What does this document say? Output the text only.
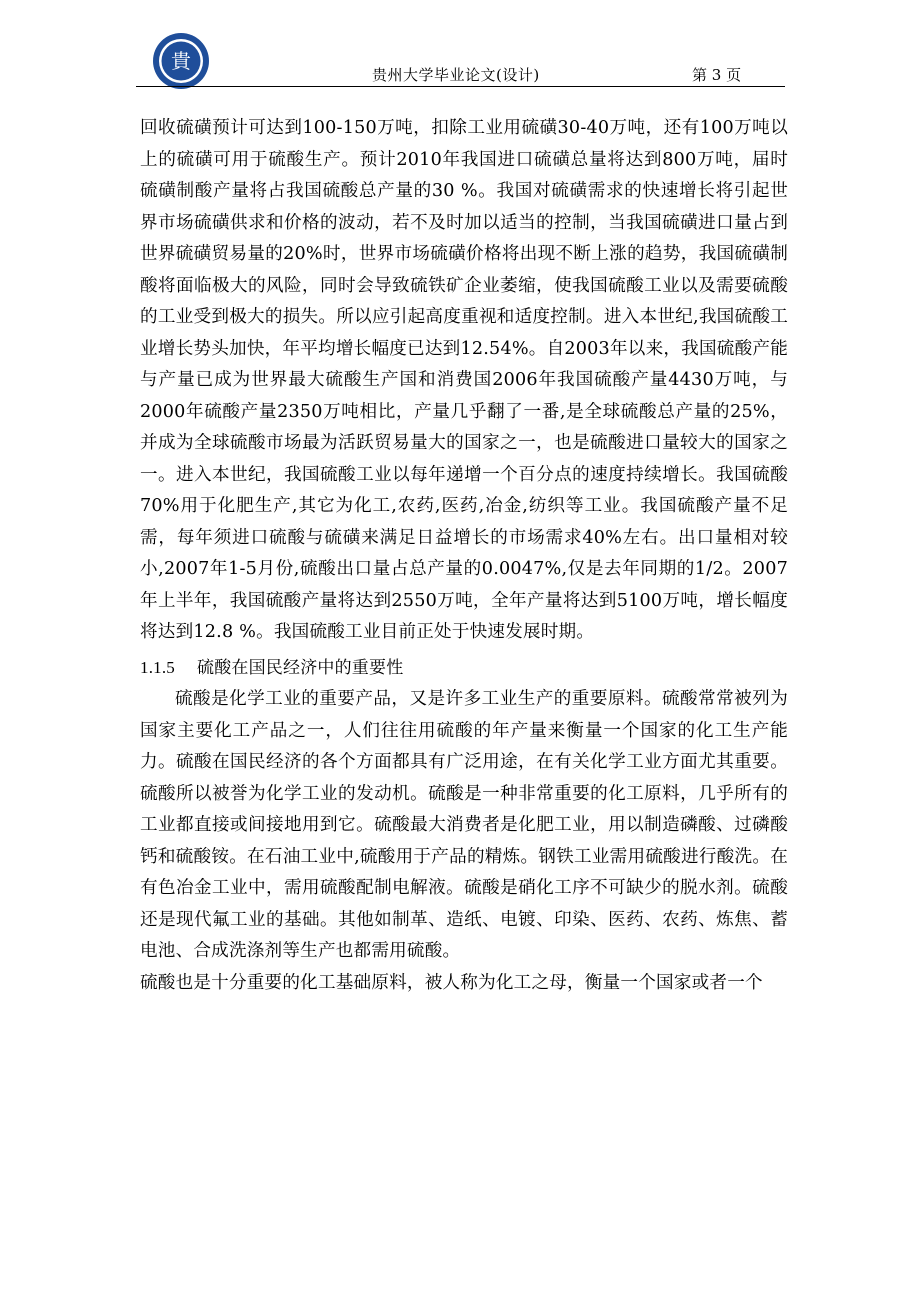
貴
贵州大学毕业论文(设计)	第 3 页

回收硫磺预计可达到100-150万吨，扣除工业用硫磺30-40万吨，还有100万吨以上的硫磺可用于硫酸生产。预计2010年我国进口硫磺总量将达到800万吨，届时硫磺制酸产量将占我国硫酸总产量的30 %。我国对硫磺需求的快速增长将引起世界市场硫磺供求和价格的波动，若不及时加以适当的控制，当我国硫磺进口量占到世界硫磺贸易量的20%时，世界市场硫磺价格将出现不断上涨的趋势，我国硫磺制酸将面临极大的风险，同时会导致硫铁矿企业萎缩，使我国硫酸工业以及需要硫酸的工业受到极大的损失。所以应引起高度重视和适度控制。进入本世纪,我国硫酸工业增长势头加快，年平均增长幅度已达到12.54%。自2003年以来，我国硫酸产能与产量已成为世界最大硫酸生产国和消费国2006年我国硫酸产量4430万吨，与2000年硫酸产量2350万吨相比，产量几乎翻了一番,是全球硫酸总产量的25%，并成为全球硫酸市场最为活跃贸易量大的国家之一，也是硫酸进口量较大的国家之一。进入本世纪，我国硫酸工业以每年递增一个百分点的速度持续增长。我国硫酸70%用于化肥生产,其它为化工,农药,医药,冶金,纺织等工业。我国硫酸产量不足需，每年须进口硫酸与硫磺来满足日益增长的市场需求40%左右。出口量相对较小,2007年1-5月份,硫酸出口量占总产量的0.0047%,仅是去年同期的1/2。2007年上半年，我国硫酸产量将达到2550万吨，全年产量将达到5100万吨，增长幅度将达到12.8 %。我国硫酸工业目前正处于快速发展时期。

1.1.5 硫酸在国民经济中的重要性

硫酸是化学工业的重要产品，又是许多工业生产的重要原料。硫酸常常被列为国家主要化工产品之一，人们往往用硫酸的年产量来衡量一个国家的化工生产能力。硫酸在国民经济的各个方面都具有广泛用途，在有关化学工业方面尤其重要。硫酸所以被誉为化学工业的发动机。硫酸是一种非常重要的化工原料，几乎所有的工业都直接或间接地用到它。硫酸最大消费者是化肥工业，用以制造磷酸、过磷酸钙和硫酸铵。在石油工业中,硫酸用于产品的精炼。钢铁工业需用硫酸进行酸洗。在有色冶金工业中，需用硫酸配制电解液。硫酸是硝化工序不可缺少的脱水剂。硫酸还是现代氟工业的基础。其他如制革、造纸、电镀、印染、医药、农药、炼焦、蓄电池、合成洗涤剂等生产也都需用硫酸。

硫酸也是十分重要的化工基础原料，被人称为化工之母，衡量一个国家或者一个
